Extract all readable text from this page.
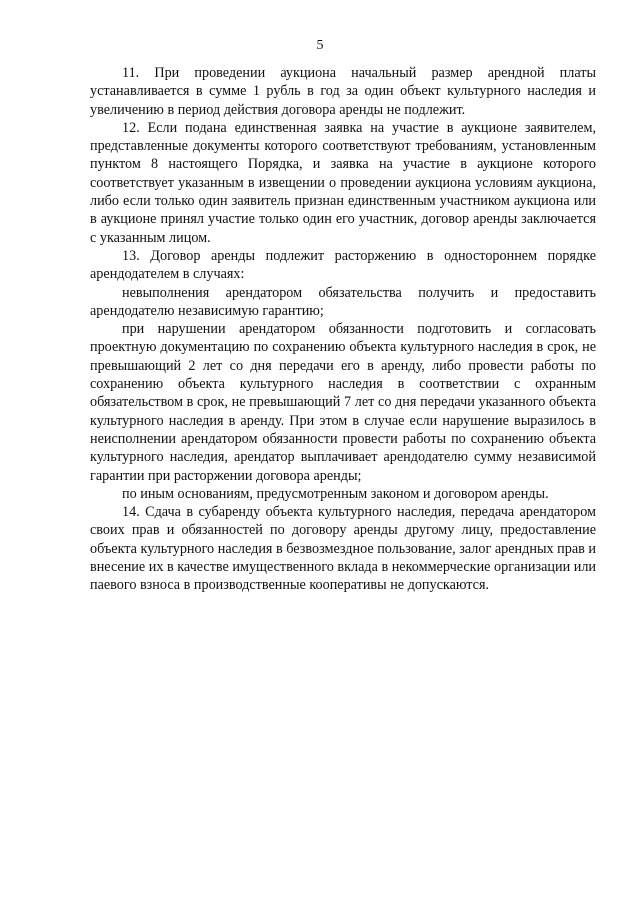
5

11. При проведении аукциона начальный размер арендной платы устанавливается в сумме 1 рубль в год за один объект культурного наследия и увеличению в период действия договора аренды не подлежит.

12. Если подана единственная заявка на участие в аукционе заявителем, представленные документы которого соответствуют требованиям, установленным пунктом 8 настоящего Порядка, и заявка на участие в аукционе которого соответствует указанным в извещении о проведении аукциона условиям аукциона, либо если только один заявитель признан единственным участником аукциона или в аукционе принял участие только один его участник, договор аренды заключается с указанным лицом.

13. Договор аренды подлежит расторжению в одностороннем порядке арендодателем в случаях:

невыполнения арендатором обязательства получить и предоставить арендодателю независимую гарантию;

при нарушении арендатором обязанности подготовить и согласовать проектную документацию по сохранению объекта культурного наследия в срок, не превышающий 2 лет со дня передачи его в аренду, либо провести работы по сохранению объекта культурного наследия в соответствии с охранным обязательством в срок, не превышающий 7 лет со дня передачи указанного объекта культурного наследия в аренду. При этом в случае если нарушение выразилось в неисполнении арендатором обязанности провести работы по сохранению объекта культурного наследия, арендатор выплачивает арендодателю сумму независимой гарантии при расторжении договора аренды;

по иным основаниям, предусмотренным законом и договором аренды.

14. Сдача в субаренду объекта культурного наследия, передача арендатором своих прав и обязанностей по договору аренды другому лицу, предоставление объекта культурного наследия в безвозмездное пользование, залог арендных прав и внесение их в качестве имущественного вклада в некоммерческие организации или паевого взноса в производственные кооперативы не допускаются.
